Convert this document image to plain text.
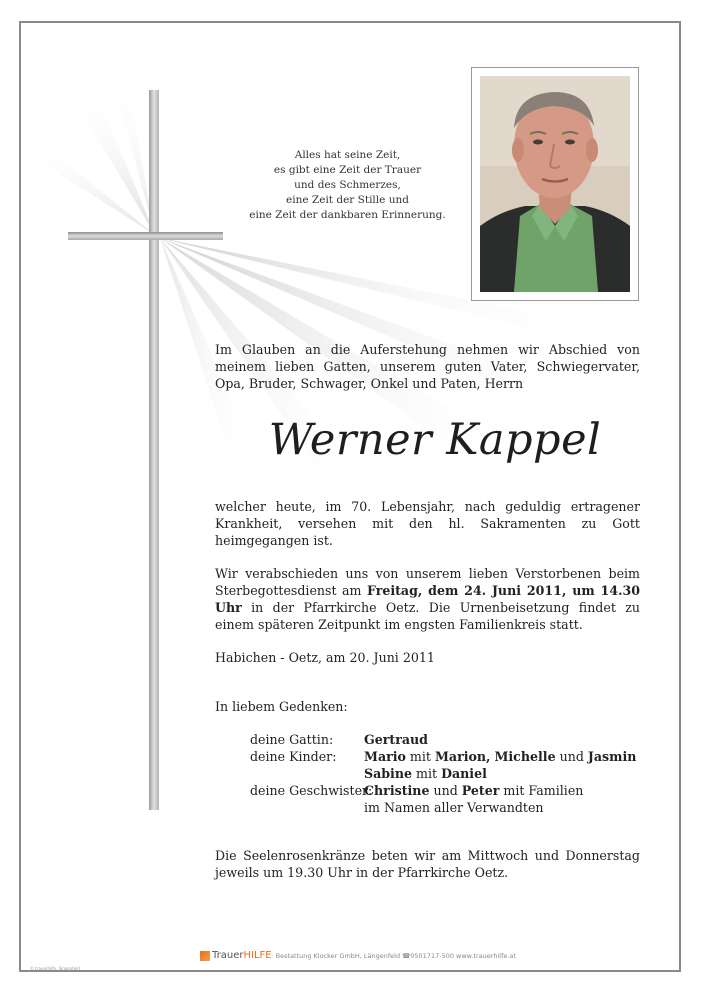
Alles hat seine Zeit,
es gibt eine Zeit der Trauer
und des Schmerzes,
eine Zeit der Stille und
eine Zeit der dankbaren Erinnerung.
Im Glauben an die Auferstehung nehmen wir Abschied von meinem lieben Gatten, unserem guten Vater, Schwiegervater, Opa, Bruder, Schwager, Onkel und Paten, Herrn
Werner Kappel
welcher heute, im 70. Lebensjahr, nach geduldig ertragener Krankheit, versehen mit den hl. Sakramenten zu Gott heimgegangen ist.
Wir verabschieden uns von unserem lieben Verstorbenen beim Sterbegottesdienst am Freitag, dem 24. Juni 2011, um 14.30 Uhr in der Pfarrkirche Oetz. Die Urnenbeisetzung findet zu einem späteren Zeitpunkt im engsten Familienkreis statt.
Habichen - Oetz, am 20. Juni 2011
In liebem Gedenken:
deine Gattin: Gertraud
deine Kinder: Mario mit Marion, Michelle und Jasmin
Sabine mit Daniel
deine Geschwister:
Christine und Peter mit Familien
im Namen aller Verwandten
Die Seelenrosenkränze beten wir am Mittwoch und Donnerstag jeweils um 19.30 Uhr in der Pfarrkirche Oetz.
TrauerHILFE Bestattung Klocker GmbH, Längenfeld ☎0501717-500 www.trauerhilfe.at
© trauerhilfe, längenfeld
